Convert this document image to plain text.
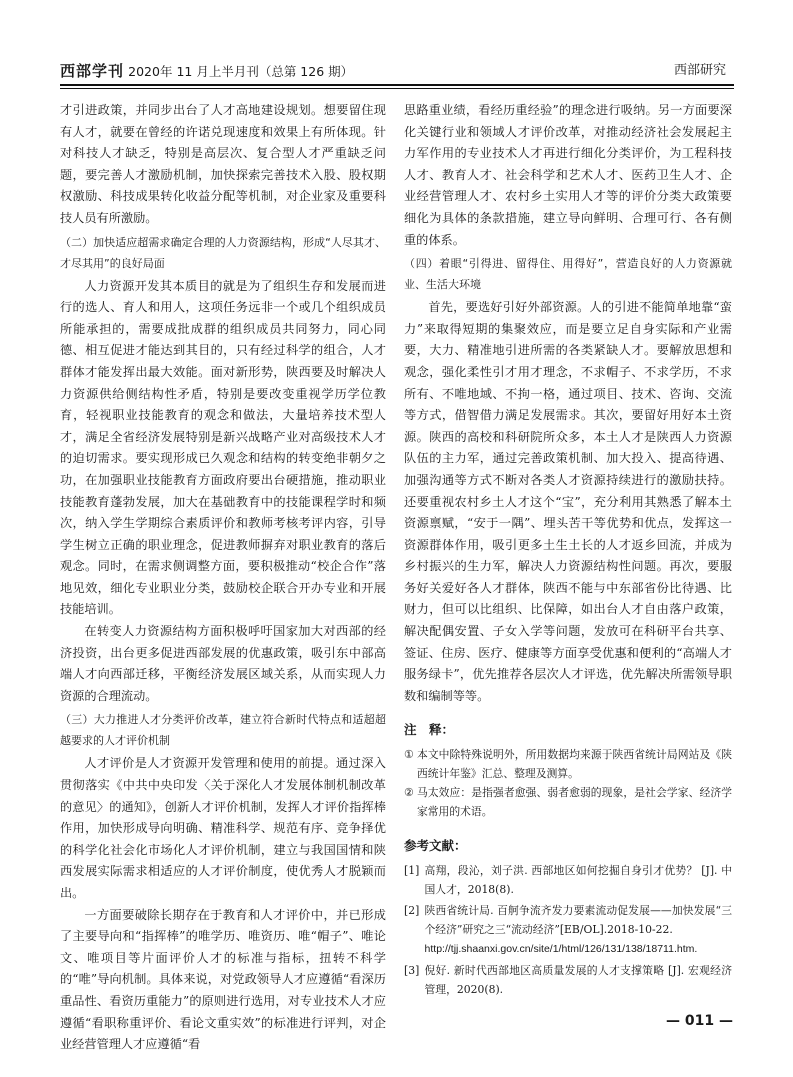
西部学刊 2020年 11 月上半月刊（总第 126 期）	西部研究

才引进政策，并同步出台了人才高地建设规划。想要留住现有人才，就要在曾经的许诺兑现速度和效果上有所体现。针对科技人才缺乏，特别是高层次、复合型人才严重缺乏问题，要完善人才激励机制，加快探索完善技术入股、股权期权激励、科技成果转化收益分配等机制，对企业家及重要科技人员有所激励。

（二）加快适应超需求确定合理的人力资源结构，形成“人尽其才、才尽其用”的良好局面

人力资源开发其本质目的就是为了组织生存和发展而进行的选人、育人和用人，这项任务远非一个或几个组织成员所能承担的，需要成批成群的组织成员共同努力，同心同德、相互促进才能达到其目的，只有经过科学的组合，人才群体才能发挥出最大效能。面对新形势，陕西要及时解决人力资源供给侧结构性矛盾，特别是要改变重视学历学位教育，轻视职业技能教育的观念和做法，大量培养技术型人才，满足全省经济发展特别是新兴战略产业对高级技术人才的迫切需求。要实现形成已久观念和结构的转变绝非朝夕之功，在加强职业技能教育方面政府要出台硬措施，推动职业技能教育蓬勃发展，加大在基础教育中的技能课程学时和频次，纳入学生学期综合素质评价和教师考核考评内容，引导学生树立正确的职业理念，促进教师摒弃对职业教育的落后观念。同时，在需求侧调整方面，要积极推动“校企合作”落地见效，细化专业职业分类，鼓励校企联合开办专业和开展技能培训。

在转变人力资源结构方面积极呼吁国家加大对西部的经济投资，出台更多促进西部发展的优惠政策，吸引东中部高端人才向西部迁移，平衡经济发展区域关系，从而实现人力资源的合理流动。

（三）大力推进人才分类评价改革，建立符合新时代特点和适超超越要求的人才评价机制

人才评价是人才资源开发管理和使用的前提。通过深入贯彻落实《中共中央印发〈关于深化人才发展体制机制改革的意见〉的通知》，创新人才评价机制，发挥人才评价指挥棒作用，加快形成导向明确、精准科学、规范有序、竞争择优的科学化社会化市场化人才评价机制，建立与我国国情和陕西发展实际需求相适应的人才评价制度，使优秀人才脱颖而出。

一方面要破除长期存在于教育和人才评价中，并已形成了主要导向和“指挥棒”的唯学历、唯资历、唯“帽子”、唯论文、唯项目等片面评价人才的标准与指标，扭转不科学的“唯”导向机制。具体来说，对党政领导人才应遵循“看深历重品性、看资历重能力”的原则进行选用，对专业技术人才应遵循“看职称重评价、看论文重实效”的标准进行评判，对企业经营管理人才应遵循“看

思路重业绩，看经历重经验”的理念进行吸纳。另一方面要深化关键行业和领域人才评价改革，对推动经济社会发展起主力军作用的专业技术人才再进行细化分类评价，为工程科技人才、教育人才、社会科学和艺术人才、医药卫生人才、企业经营管理人才、农村乡土实用人才等的评价分类大政策要细化为具体的条款措施，建立导向鲜明、合理可行、各有侧重的体系。

（四）着眼“引得进、留得住、用得好”，营造良好的人力资源就业、生活大环境

首先，要选好引好外部资源。人的引进不能简单地靠“蛮力”来取得短期的集聚效应，而是要立足自身实际和产业需要，大力、精准地引进所需的各类紧缺人才。要解放思想和观念，强化柔性引才用才理念，不求帽子、不求学历，不求所有、不唯地域、不拘一格，通过项目、技术、咨询、交流等方式，借智借力满足发展需求。其次，要留好用好本土资源。陕西的高校和科研院所众多，本土人才是陕西人力资源队伍的主力军，通过完善政策机制、加大投入、提高待遇、加强沟通等方式不断对各类人才资源持续进行的激励扶持。还要重视农村乡土人才这个“宝”，充分利用其熟悉了解本土资源禀赋，“安于一隅”、埋头苦干等优势和优点，发挥这一资源群体作用，吸引更多土生土长的人才返乡回流，并成为乡村振兴的生力军，解决人力资源结构性问题。再次，要服务好关爱好各人才群体，陕西不能与中东部省份比待遇、比财力，但可以比组织、比保障，如出台人才自由落户政策，解决配偶安置、子女入学等问题，发放可在科研平台共享、签证、住房、医疗、健康等方面享受优惠和便利的“高端人才服务绿卡”，优先推荐各层次人才评选，优先解决所需领导职数和编制等等。

注　释：
① 本文中除特殊说明外，所用数据均来源于陕西省统计局网站及《陕西统计年鉴》汇总、整理及测算。
② 马太效应：是指强者愈强、弱者愈弱的现象，是社会学家、经济学家常用的术语。
参考文献：
[1] 高翔，段沁，刘子洪. 西部地区如何挖掘自身引才优势？ [J]. 中国人才，2018(8).
[2] 陕西省统计局. 百舸争流齐发力要素流动促发展——加快发展“三个经济”研究之三“流动经济”[EB/OL].2018-10-22.
http://tjj.shaanxi.gov.cn/site/1/html/126/131/138/18711.htm.
[3] 倪好. 新时代西部地区高质量发展的人才支撑策略 [J]. 宏观经济管理，2020(8).
— 011 —
